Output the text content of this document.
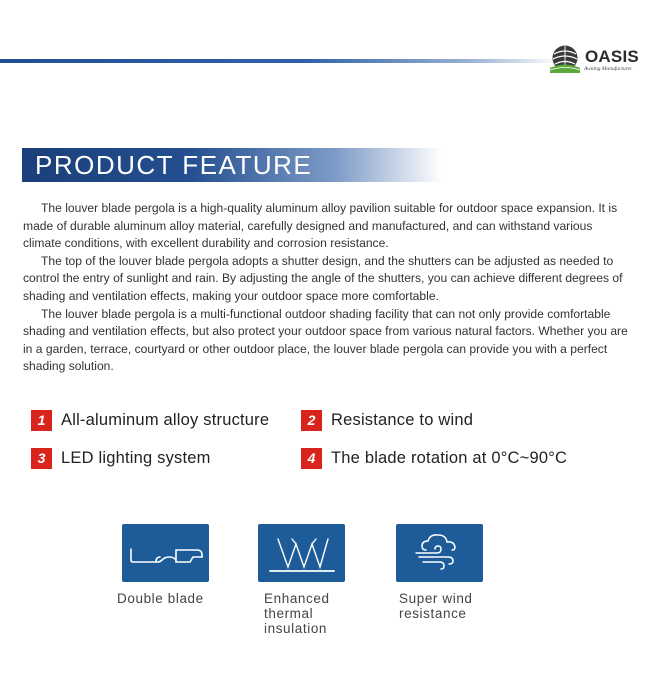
OASIS
Awning Manufacturer
PRODUCT FEATURE

The louver blade pergola is a high-quality aluminum alloy pavilion suitable for outdoor space expansion. It is made of durable aluminum alloy material, carefully designed and manufactured, and can withstand various climate conditions, with excellent durability and corrosion resistance.

The top of the louver blade pergola adopts a shutter design, and the shutters can be adjusted as needed to control the entry of sunlight and rain. By adjusting the angle of the shutters, you can achieve different degrees of shading and ventilation effects, making your outdoor space more comfortable.

The louver blade pergola is a multi-functional outdoor shading facility that can not only provide comfortable shading and ventilation effects, but also protect your outdoor space from various natural factors. Whether you are in a garden, terrace, courtyard or other outdoor place, the louver blade pergola can provide you with a perfect shading solution.

1 All-aluminum alloy structure	2 Resistance to wind
3 LED lighting system	4 The blade rotation at 0°C~90°C
Double blade	Enhanced thermal insulation
Super wind resistance
